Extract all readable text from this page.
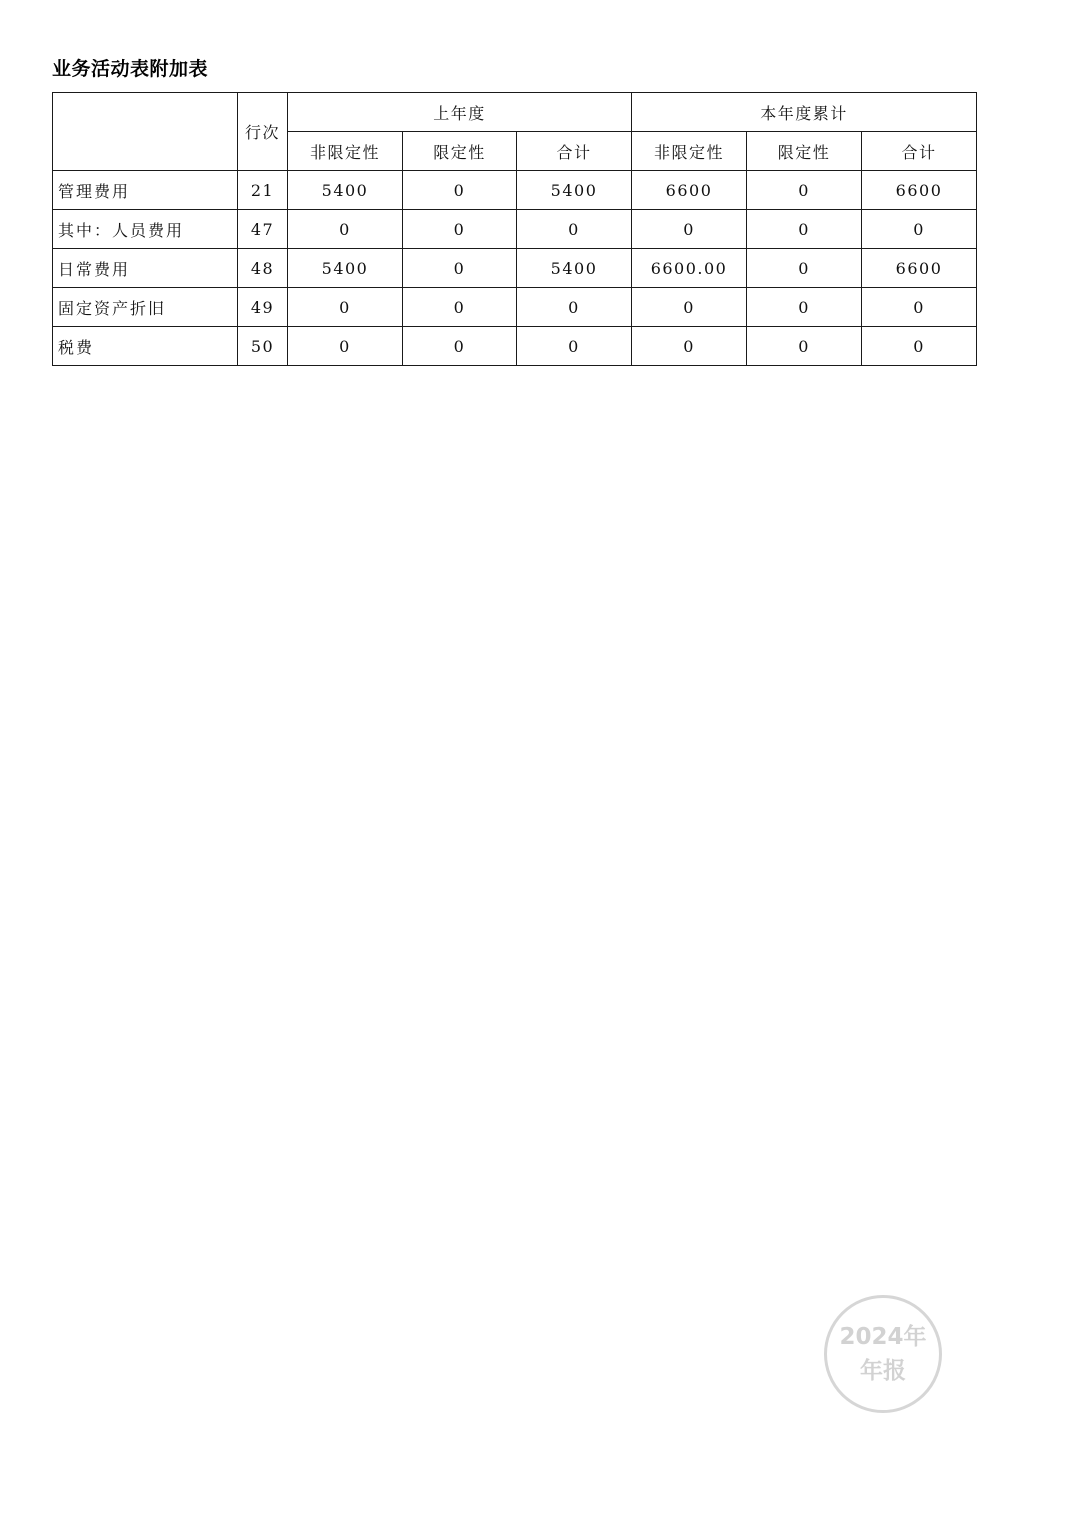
业务活动表附加表
	行次	上年度			本年度累计		
		非限定性	限定性	合计	非限定性	限定性	合计
管理费用	21	5400	0	5400	6600	0	6600
其中：人员费用	47	0	0	0	0	0	0
日常费用	48	5400	0	5400	6600.00	0	6600
固定资产折旧	49	0	0	0	0	0	0
税费	50	0	0	0	0	0	0
2024年
年报
